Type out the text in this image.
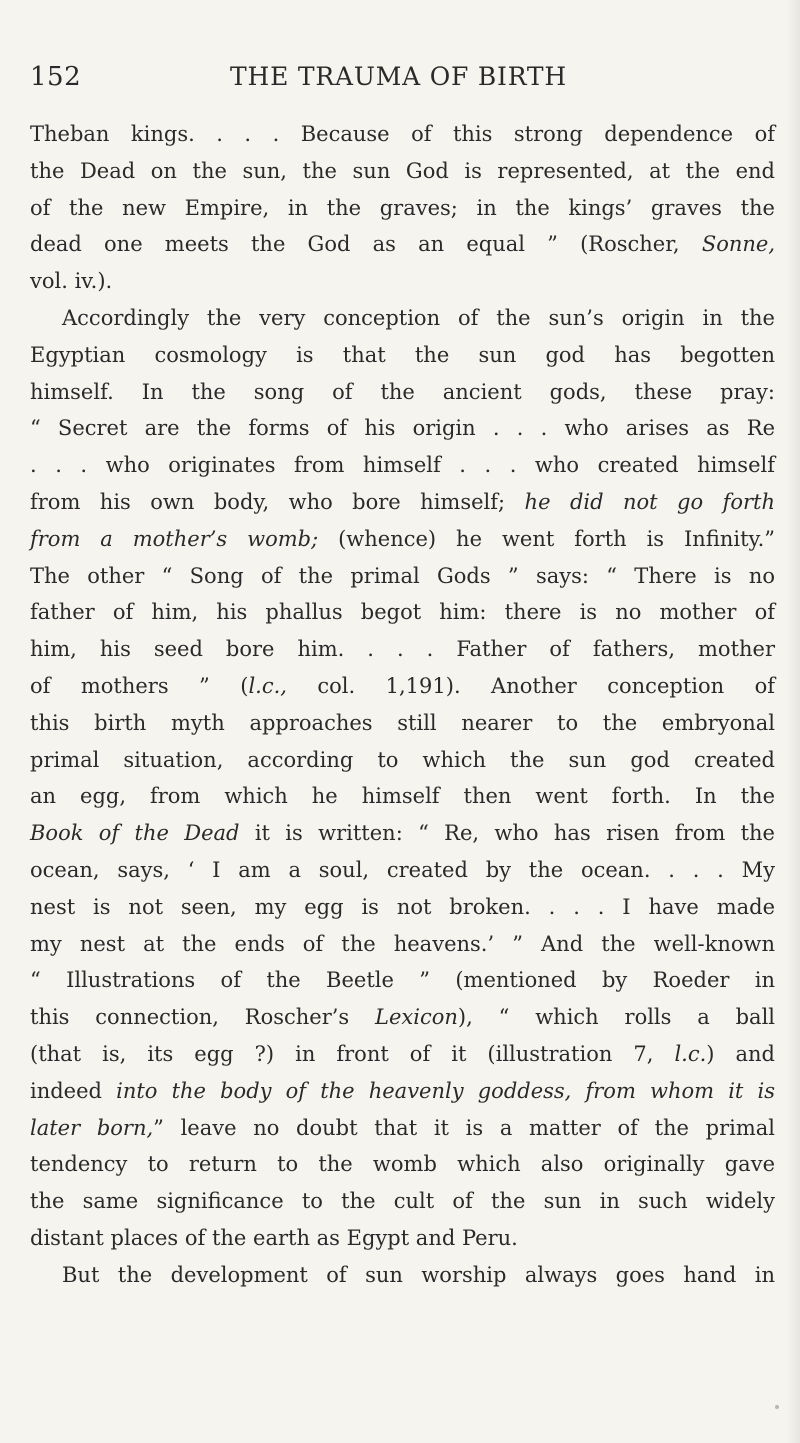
152	THE TRAUMA OF BIRTH
Theban kings. . . . Because of this strong dependence of
the Dead on the sun, the sun God is represented, at the end
of the new Empire, in the graves; in the kings’ graves the
dead one meets the God as an equal ” (Roscher, Sonne,
vol. iv.).
Accordingly the very conception of the sun’s origin in the
Egyptian cosmology is that the sun god has begotten
himself. In the song of the ancient gods, these pray:
“ Secret are the forms of his origin . . . who arises as Re
. . . who originates from himself . . . who created himself
from his own body, who bore himself; he did not go forth
from a mother’s womb; (whence) he went forth is Infinity.”
The other “ Song of the primal Gods ” says: “ There is no
father of him, his phallus begot him: there is no mother of
him, his seed bore him. . . . Father of fathers, mother
of mothers ” (l.c., col. 1,191). Another conception of
this birth myth approaches still nearer to the embryonal
primal situation, according to which the sun god created
an egg, from which he himself then went forth. In the
Book of the Dead it is written: “ Re, who has risen from the
ocean, says, ‘ I am a soul, created by the ocean. . . . My
nest is not seen, my egg is not broken. . . . I have made
my nest at the ends of the heavens.’ ” And the well-known
“ Illustrations of the Beetle ” (mentioned by Roeder in
this connection, Roscher’s Lexicon), “ which rolls a ball
(that is, its egg ?) in front of it (illustration 7, l.c.) and
indeed into the body of the heavenly goddess, from whom it is
later born,” leave no doubt that it is a matter of the primal
tendency to return to the womb which also originally gave
the same significance to the cult of the sun in such widely
distant places of the earth as Egypt and Peru.
But the development of sun worship always goes hand in
